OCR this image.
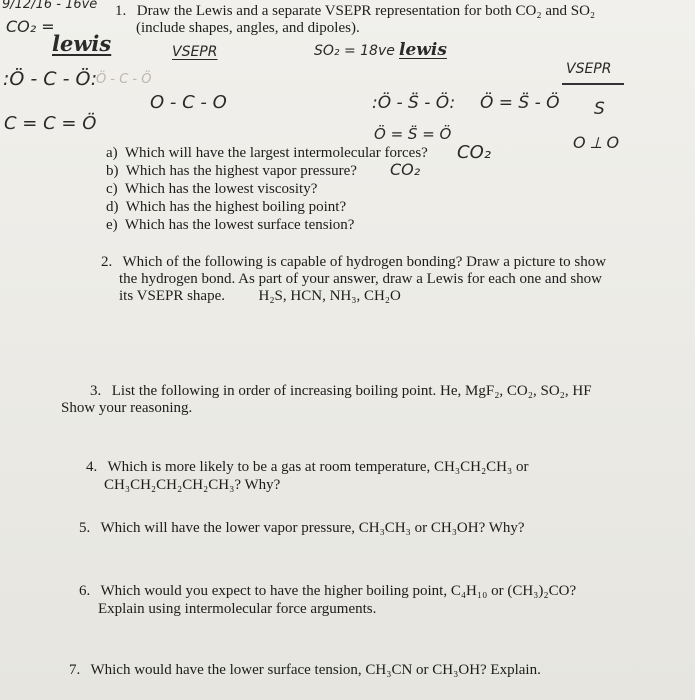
9/12/16 - 16ve
CO₂ =
lewis	VSEPR	SO₂ = 18ve lewis
VSEPR
:Ö - C - Ö:
Ö - C - Ö
O - C - O
C = C = Ö
:Ö - S̈ - Ö: Ö = S̈ - Ö
Ö = S̈ = Ö
S
O ⟂ O
1. Draw the Lewis and a separate VSEPR representation for both CO₂ and SO₂
(include shapes, angles, and dipoles).
a) Which will have the largest intermolecular forces? CO₂
b) Which has the highest vapor pressure? CO₂
c) Which has the lowest viscosity?
d) Which has the highest boiling point?
e) Which has the lowest surface tension?
2. Which of the following is capable of hydrogen bonding? Draw a picture to show
the hydrogen bond. As part of your answer, draw a Lewis for each one and show
its VSEPR shape. H₂S, HCN, NH₃, CH₂O
3. List the following in order of increasing boiling point. He, MgF₂, CO₂, SO₂, HF
Show your reasoning.
4. Which is more likely to be a gas at room temperature, CH₃CH₂CH₃ or
CH₃CH₂CH₂CH₂CH₃? Why?
5. Which will have the lower vapor pressure, CH₃CH₃ or CH₃OH? Why?
6. Which would you expect to have the higher boiling point, C₄H₁₀ or (CH₃)₂CO?
Explain using intermolecular force arguments.
7. Which would have the lower surface tension, CH₃CN or CH₃OH? Explain.
